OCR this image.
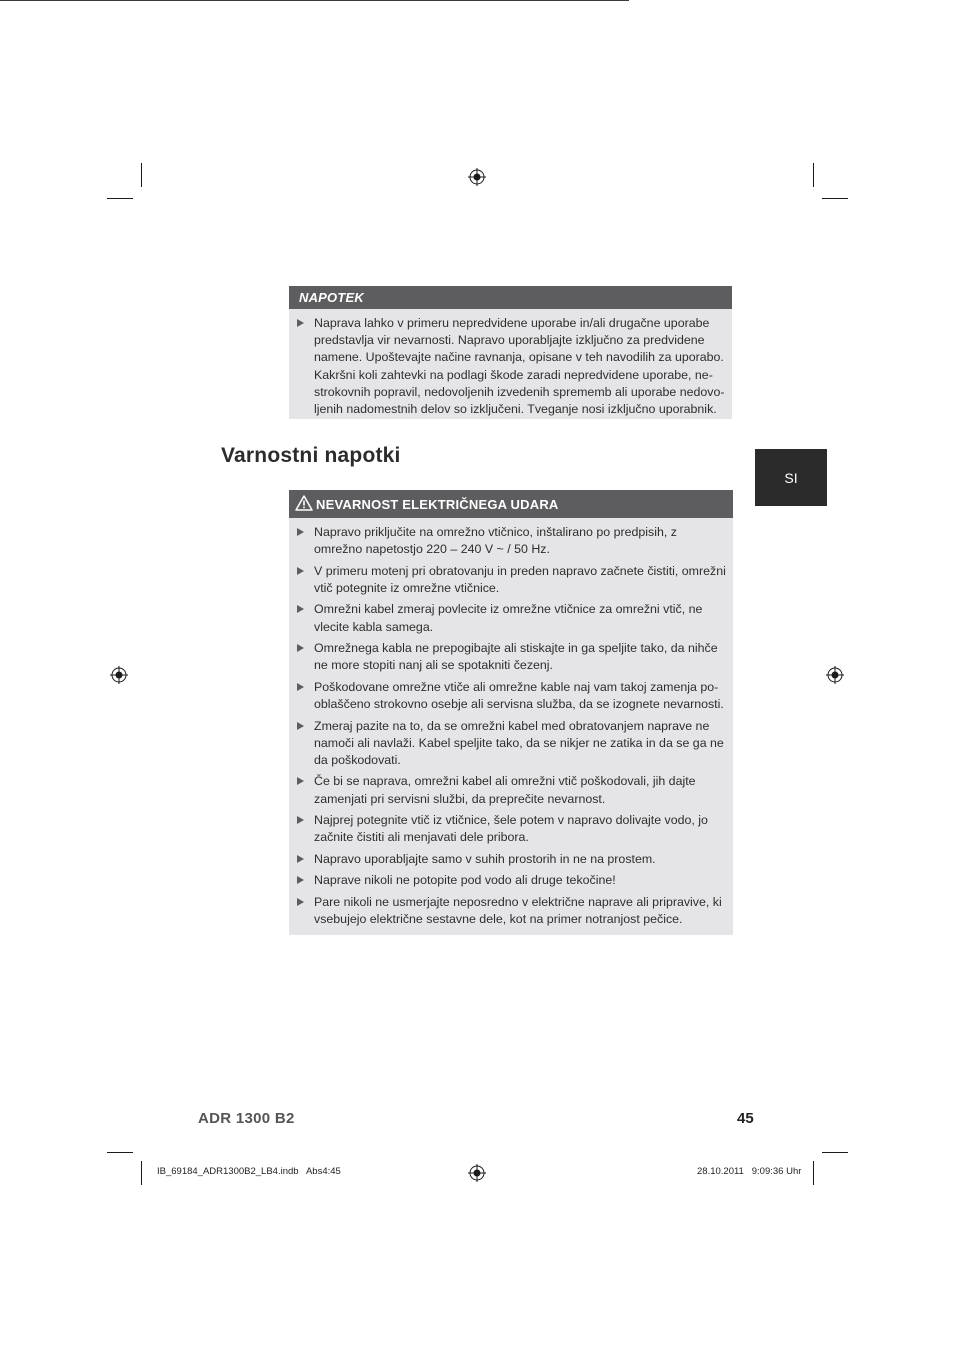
NAPOTEK
Naprava lahko v primeru nepredvidene uporabe in/ali drugačne uporabe predstavlja vir nevarnosti. Napravo uporabljajte izključno za predvidene namene. Upoštevajte načine ravnanja, opisane v teh navodilih za uporabo. Kakršni koli zahtevki na podlagi škode zaradi nepredvidene uporabe, nestrokovnih popravil, nedovoljenih izvedenih sprememb ali uporabe nedovoljenih nadomestnih delov so izključeni. Tveganje nosi izključno uporabnik.
Varnostni napotki
SI
NEVARNOST ELEKTRIČNEGA UDARA
Napravo priključite na omrežno vtičnico, inštalirano po predpisih, z omrežno napetostjo 220 – 240 V ~ / 50 Hz.
V primeru motenj pri obratovanju in preden napravo začnete čistiti, omrežni vtič potegnite iz omrežne vtičnice.
Omrežni kabel zmeraj povlecite iz omrežne vtičnice za omrežni vtič, ne vlecite kabla samega.
Omrežnega kabla ne prepogibajte ali stiskajte in ga speljite tako, da nihče ne more stopiti nanj ali se spotakniti čezenj.
Poškodovane omrežne vtiče ali omrežne kable naj vam takoj zamenja pooblaščeno strokovno osebje ali servisna služba, da se izognete nevarnosti.
Zmeraj pazite na to, da se omrežni kabel med obratovanjem naprave ne namoči ali navlaži. Kabel speljite tako, da se nikjer ne zatika in da se ga ne da poškodovati.
Če bi se naprava, omrežni kabel ali omrežni vtič poškodovali, jih dajte zamenjati pri servisni službi, da preprečite nevarnost.
Najprej potegnite vtič iz vtičnice, šele potem v napravo dolivajte vodo, jo začnite čistiti ali menjavati dele pribora.
Napravo uporabljajte samo v suhih prostorih in ne na prostem.
Naprave nikoli ne potopite pod vodo ali druge tekočine!
Pare nikoli ne usmerjajte neposredno v električne naprave ali pripravive, ki vsebujejo električne sestavne dele, kot na primer notranjost pečice.
ADR 1300 B2	45
IB_69184_ADR1300B2_LB4.indb   Abs4:45	28.10.2011   9:09:36 Uhr
